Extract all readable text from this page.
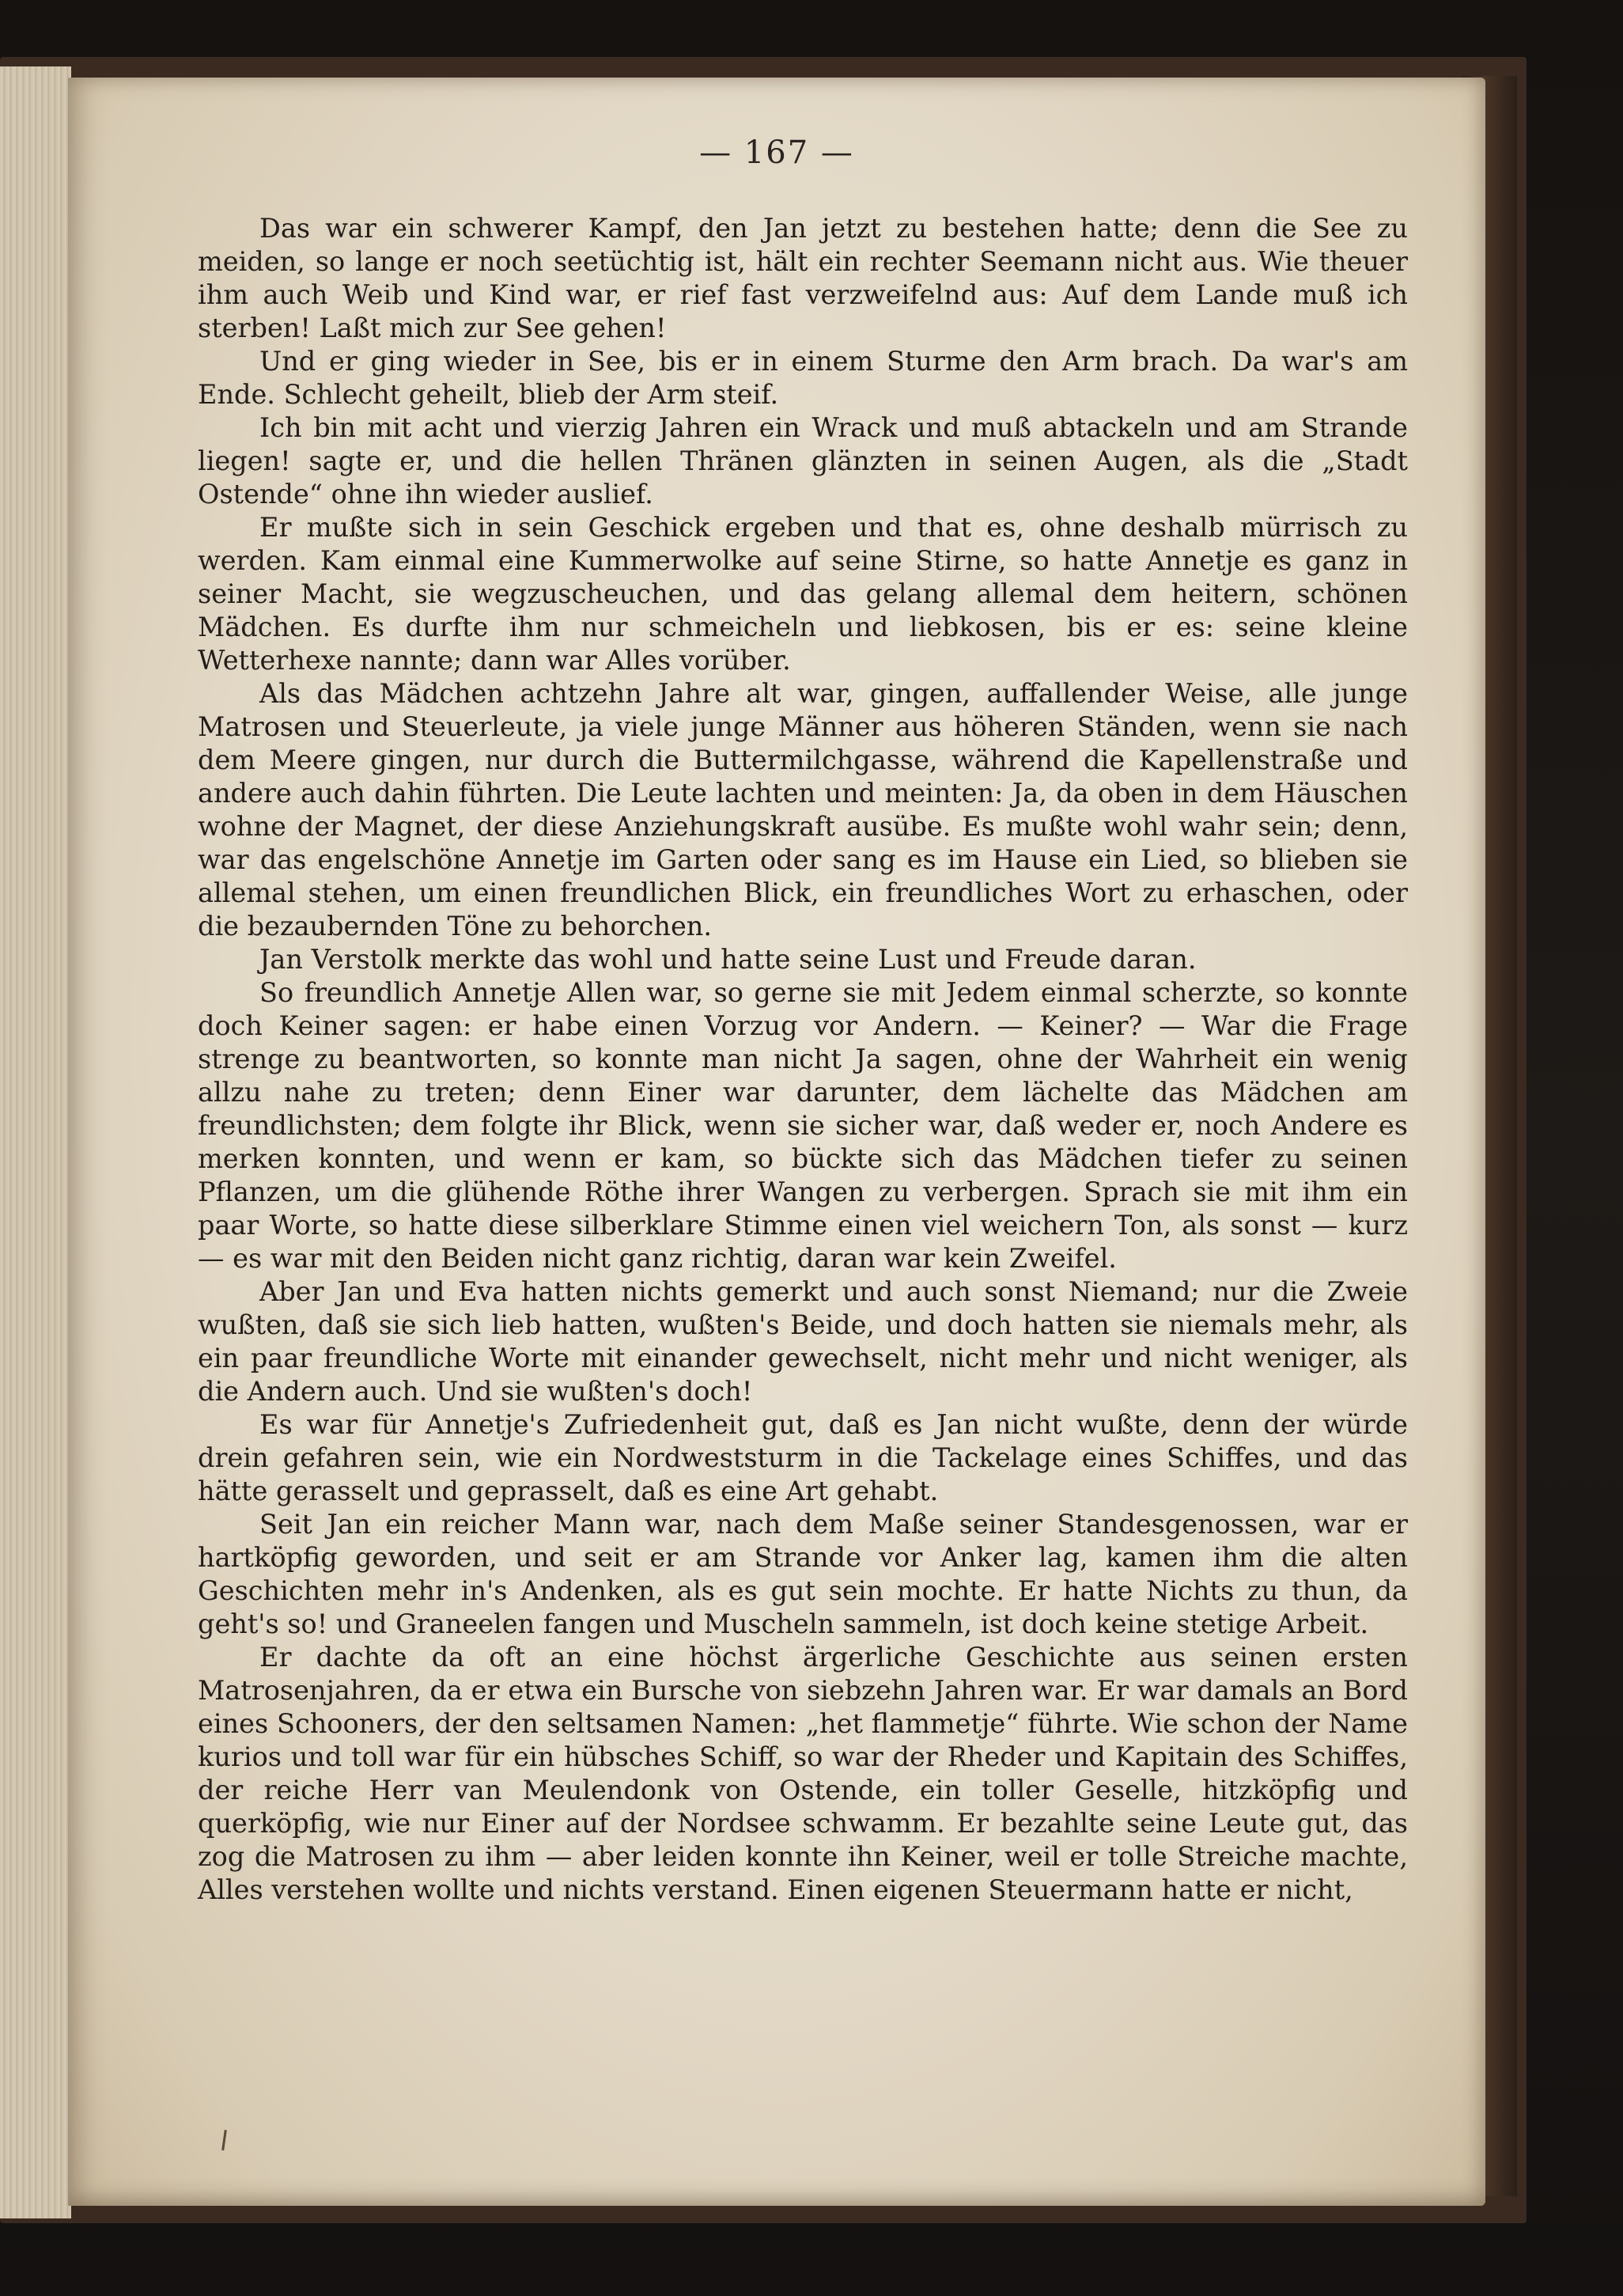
— 167 —

Das war ein schwerer Kampf, den Jan jetzt zu bestehen hatte; denn die See zu meiden, so lange er noch seetüchtig ist, hält ein rechter Seemann nicht aus. Wie theuer ihm auch Weib und Kind war, er rief fast verzweifelnd aus: Auf dem Lande muß ich sterben! Laßt mich zur See gehen!

Und er ging wieder in See, bis er in einem Sturme den Arm brach. Da war's am Ende. Schlecht geheilt, blieb der Arm steif.

Ich bin mit acht und vierzig Jahren ein Wrack und muß abtackeln und am Strande liegen! sagte er, und die hellen Thränen glänzten in seinen Augen, als die „Stadt Ostende“ ohne ihn wieder auslief.

Er mußte sich in sein Geschick ergeben und that es, ohne deshalb mürrisch zu werden. Kam einmal eine Kummerwolke auf seine Stirne, so hatte Annetje es ganz in seiner Macht, sie wegzuscheuchen, und das gelang allemal dem heitern, schönen Mädchen. Es durfte ihm nur schmeicheln und liebkosen, bis er es: seine kleine Wetterhexe nannte; dann war Alles vorüber.

Als das Mädchen achtzehn Jahre alt war, gingen, auffallender Weise, alle junge Matrosen und Steuerleute, ja viele junge Männer aus höheren Ständen, wenn sie nach dem Meere gingen, nur durch die Buttermilchgasse, während die Kapellenstraße und andere auch dahin führten. Die Leute lachten und meinten: Ja, da oben in dem Häuschen wohne der Magnet, der diese Anziehungskraft ausübe. Es mußte wohl wahr sein; denn, war das engelschöne Annetje im Garten oder sang es im Hause ein Lied, so blieben sie allemal stehen, um einen freundlichen Blick, ein freundliches Wort zu erhaschen, oder die bezaubernden Töne zu behorchen.

Jan Verstolk merkte das wohl und hatte seine Lust und Freude daran.

So freundlich Annetje Allen war, so gerne sie mit Jedem einmal scherzte, so konnte doch Keiner sagen: er habe einen Vorzug vor Andern. — Keiner? — War die Frage strenge zu beantworten, so konnte man nicht Ja sagen, ohne der Wahrheit ein wenig allzu nahe zu treten; denn Einer war darunter, dem lächelte das Mädchen am freundlichsten; dem folgte ihr Blick, wenn sie sicher war, daß weder er, noch Andere es merken konnten, und wenn er kam, so bückte sich das Mädchen tiefer zu seinen Pflanzen, um die glühende Röthe ihrer Wangen zu verbergen. Sprach sie mit ihm ein paar Worte, so hatte diese silberklare Stimme einen viel weichern Ton, als sonst — kurz — es war mit den Beiden nicht ganz richtig, daran war kein Zweifel.

Aber Jan und Eva hatten nichts gemerkt und auch sonst Niemand; nur die Zweie wußten, daß sie sich lieb hatten, wußten's Beide, und doch hatten sie niemals mehr, als ein paar freundliche Worte mit einander gewechselt, nicht mehr und nicht weniger, als die Andern auch. Und sie wußten's doch!

Es war für Annetje's Zufriedenheit gut, daß es Jan nicht wußte, denn der würde drein gefahren sein, wie ein Nordweststurm in die Tackelage eines Schiffes, und das hätte gerasselt und geprasselt, daß es eine Art gehabt.

Seit Jan ein reicher Mann war, nach dem Maße seiner Standesgenossen, war er hartköpfig geworden, und seit er am Strande vor Anker lag, kamen ihm die alten Geschichten mehr in's Andenken, als es gut sein mochte. Er hatte Nichts zu thun, da geht's so! und Graneelen fangen und Muscheln sammeln, ist doch keine stetige Arbeit.

Er dachte da oft an eine höchst ärgerliche Geschichte aus seinen ersten Matrosenjahren, da er etwa ein Bursche von siebzehn Jahren war. Er war damals an Bord eines Schooners, der den seltsamen Namen: „het flammetje“ führte. Wie schon der Name kurios und toll war für ein hübsches Schiff, so war der Rheder und Kapitain des Schiffes, der reiche Herr van Meulendonk von Ostende, ein toller Geselle, hitzköpfig und querköpfig, wie nur Einer auf der Nordsee schwamm. Er bezahlte seine Leute gut, das zog die Matrosen zu ihm — aber leiden konnte ihn Keiner, weil er tolle Streiche machte, Alles verstehen wollte und nichts verstand. Einen eigenen Steuermann hatte er nicht,
